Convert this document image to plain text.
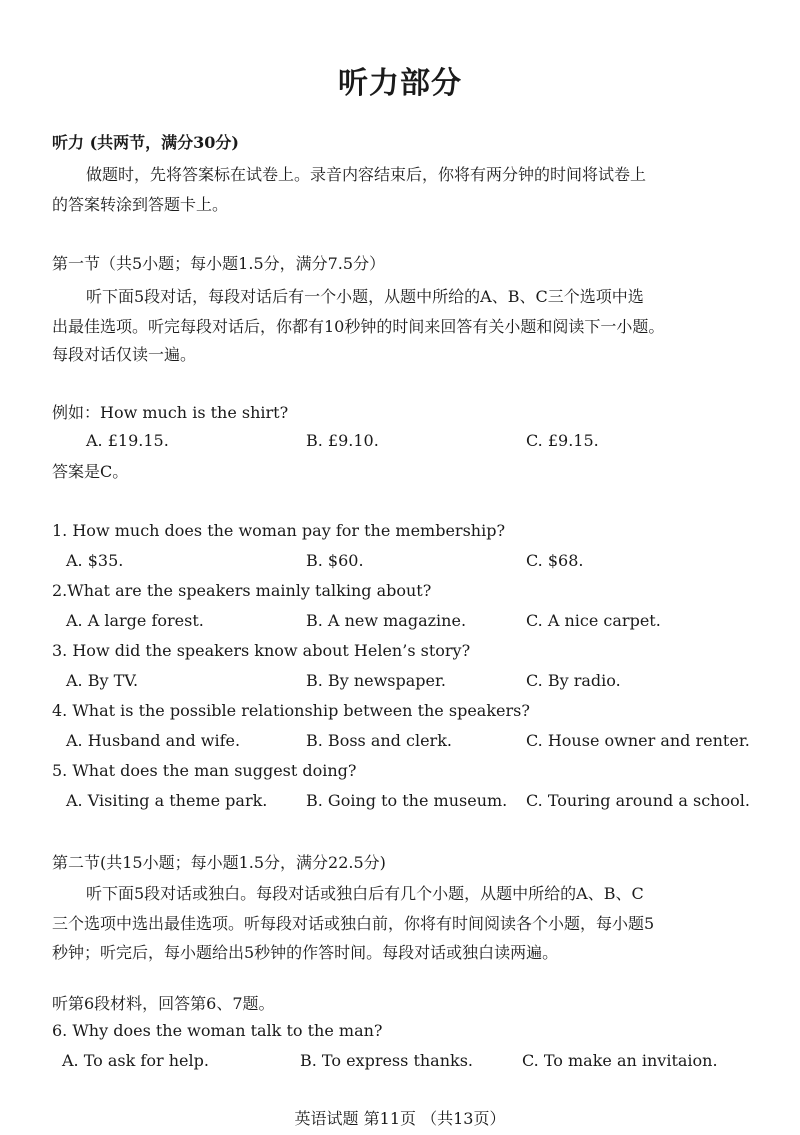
听力部分
听力 (共两节，满分30分)
做题时，先将答案标在试卷上。录音内容结束后，你将有两分钟的时间将试卷上
的答案转涂到答题卡上。
第一节（共5小题；每小题1.5分，满分7.5分）
听下面5段对话，每段对话后有一个小题，从题中所给的A、B、C三个选项中选
出最佳选项。听完每段对话后，你都有10秒钟的时间来回答有关小题和阅读下一小题。
每段对话仅读一遍。
例如：How much is the shirt?
A. £19.15.	B. £9.10.	C. £9.15.
答案是C。
1. How much does the woman pay for the membership?
A. $35.	B. $60.	C. $68.
2.What are the speakers mainly talking about?
A. A large forest.	B. A new magazine.	C. A nice carpet.
3. How did the speakers know about Helen’s story?
A. By TV.	B. By newspaper.	C. By radio.
4. What is the possible relationship between the speakers?
A. Husband and wife.	B. Boss and clerk.	C. House owner and renter.
5. What does the man suggest doing?
A. Visiting a theme park. B. Going to the museum. C. Touring around a school.
第二节(共15小题；每小题1.5分，满分22.5分)
听下面5段对话或独白。每段对话或独白后有几个小题，从题中所给的A、B、C
三个选项中选出最佳选项。听每段对话或独白前，你将有时间阅读各个小题，每小题5
秒钟；听完后，每小题给出5秒钟的作答时间。每段对话或独白读两遍。
听第6段材料，回答第6、7题。
6. Why does the woman talk to the man?
A. To ask for help.	B. To express thanks.	C. To make an invitaion.
英语试题 第11页 （共13页）
